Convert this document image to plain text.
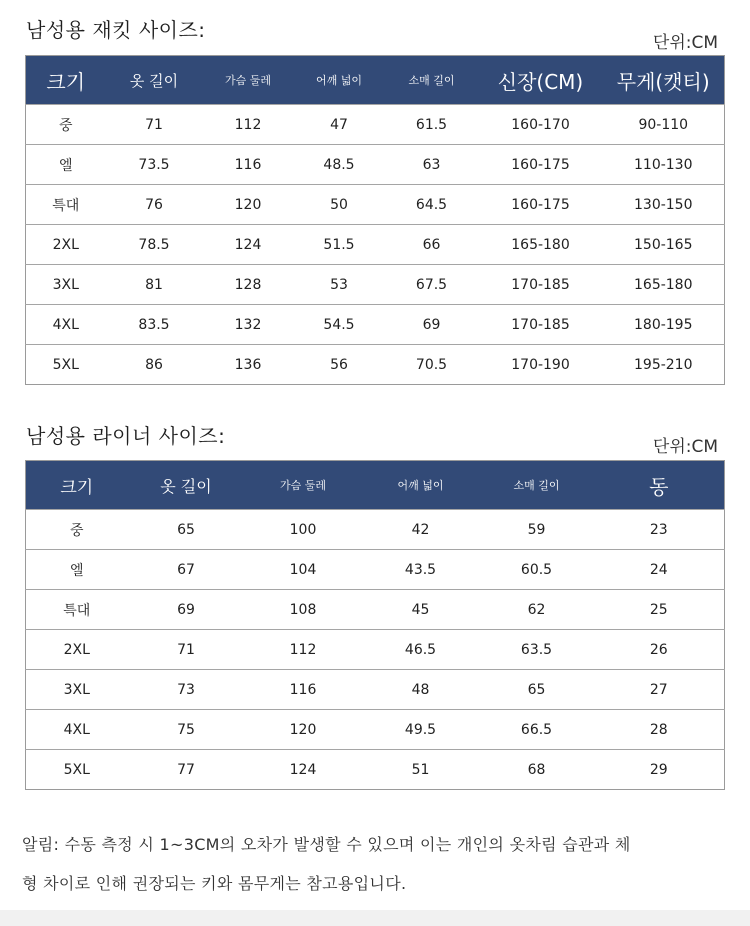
남성용 재킷 사이즈:
단위:CM
크기	옷 길이	가슴 둘레	어깨 넓이	소매 길이	신장(CM)	무게(캣티)
중	71	112	47	61.5	160-170	90-110
엘	73.5	116	48.5	63	160-175	110-130
특대	76	120	50	64.5	160-175	130-150
2XL	78.5	124	51.5	66	165-180	150-165
3XL	81	128	53	67.5	170-185	165-180
4XL	83.5	132	54.5	69	170-185	180-195
5XL	86	136	56	70.5	170-190	195-210
남성용 라이너 사이즈:	단위:CM
크기	옷 길이	가슴 둘레	어깨 넓이	소매 길이	동
중	65	100	42	59	23
엘	67	104	43.5	60.5	24
특대	69	108	45	62	25
2XL	71	112	46.5	63.5	26
3XL	73	116	48	65	27
4XL	75	120	49.5	66.5	28
5XL	77	124	51	68	29
알림: 수동 측정 시 1~3CM의 오차가 발생할 수 있으며 이는 개인의 옷차림 습관과 체
형 차이로 인해 권장되는 키와 몸무게는 참고용입니다.
